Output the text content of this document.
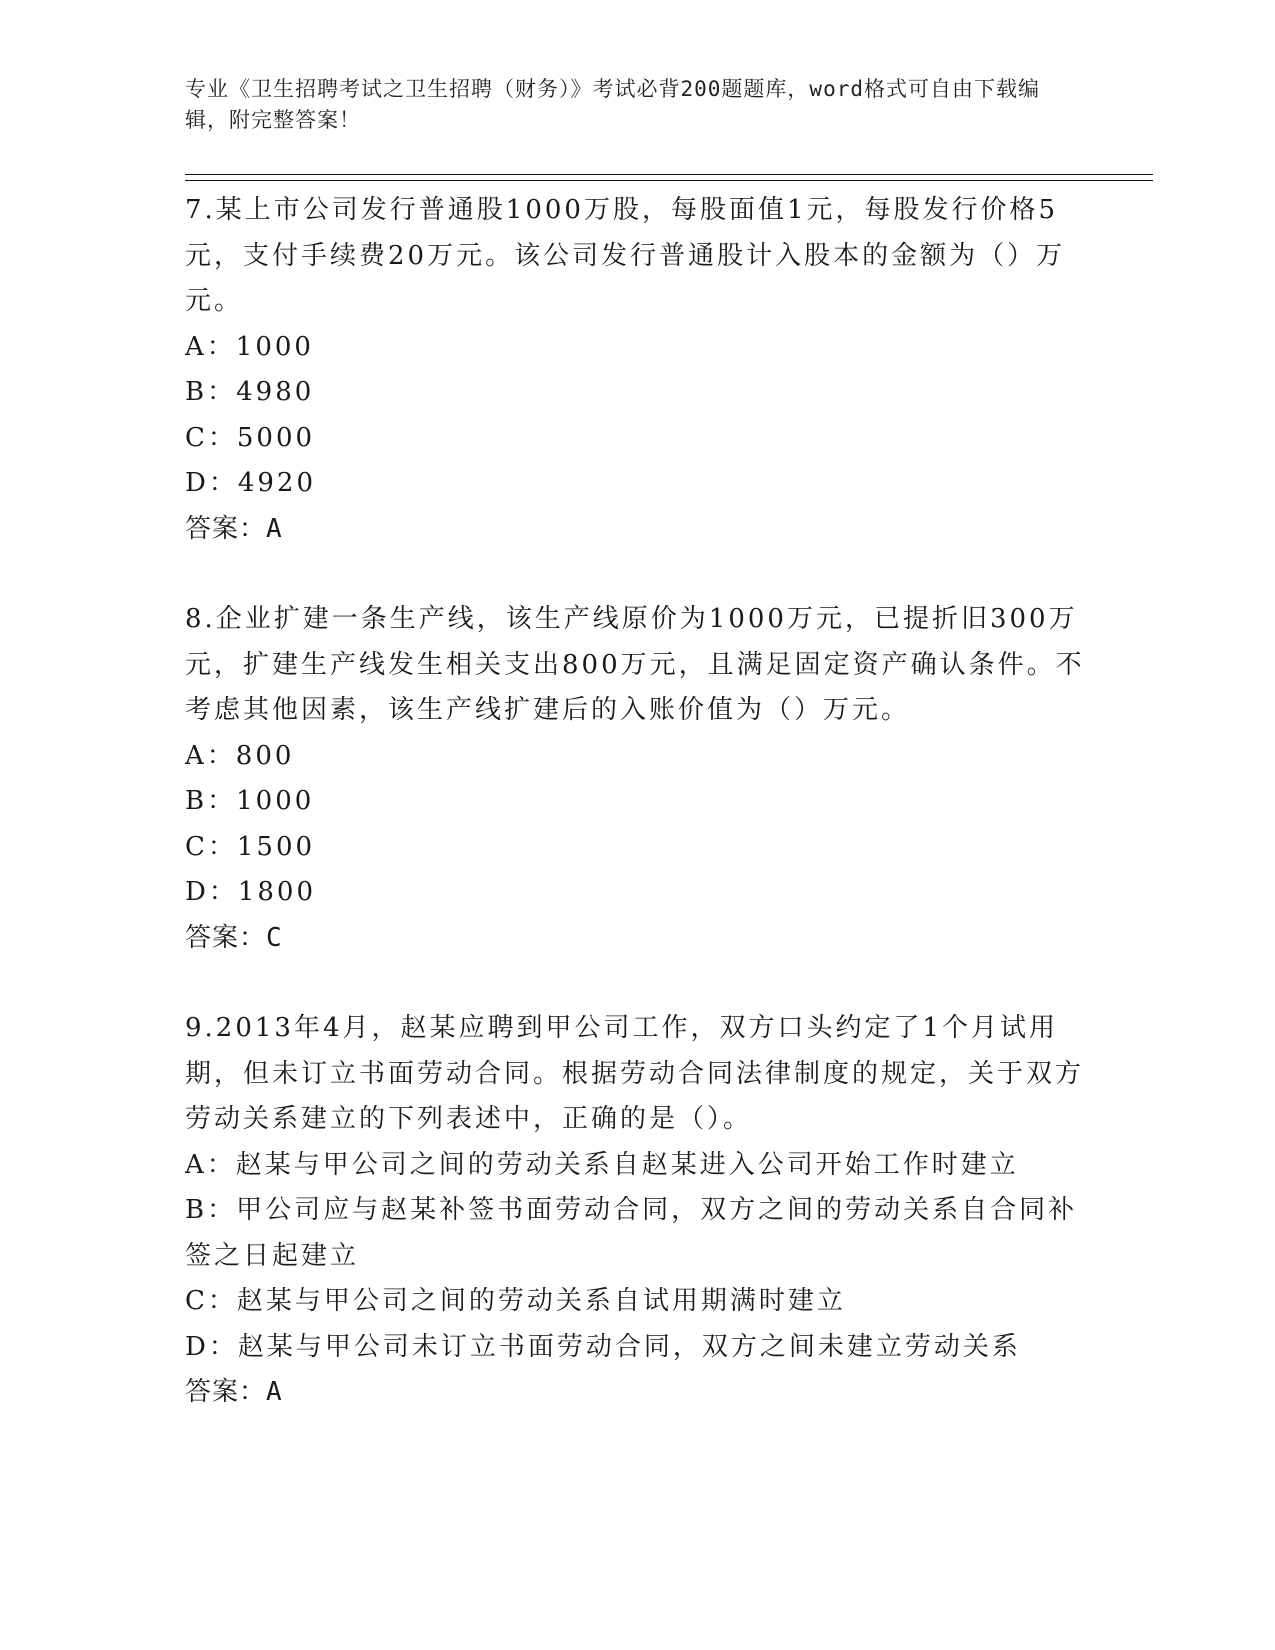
专业《卫生招聘考试之卫生招聘（财务）》考试必背200题题库，word格式可自由下载编辑，附完整答案！
7.某上市公司发行普通股1000万股，每股面值1元，每股发行价格5元，支付手续费20万元。该公司发行普通股计入股本的金额为（）万元。
A：1000
B：4980
C：5000
D：4920
答案：A
8.企业扩建一条生产线，该生产线原价为1000万元，已提折旧300万元，扩建生产线发生相关支出800万元，且满足固定资产确认条件。不考虑其他因素，该生产线扩建后的入账价值为（）万元。
A：800
B：1000
C：1500
D：1800
答案：C
9.2013年4月，赵某应聘到甲公司工作，双方口头约定了1个月试用期，但未订立书面劳动合同。根据劳动合同法律制度的规定，关于双方劳动关系建立的下列表述中，正确的是（）。
A：赵某与甲公司之间的劳动关系自赵某进入公司开始工作时建立
B：甲公司应与赵某补签书面劳动合同，双方之间的劳动关系自合同补签之日起建立
C：赵某与甲公司之间的劳动关系自试用期满时建立
D：赵某与甲公司未订立书面劳动合同，双方之间未建立劳动关系
答案：A
